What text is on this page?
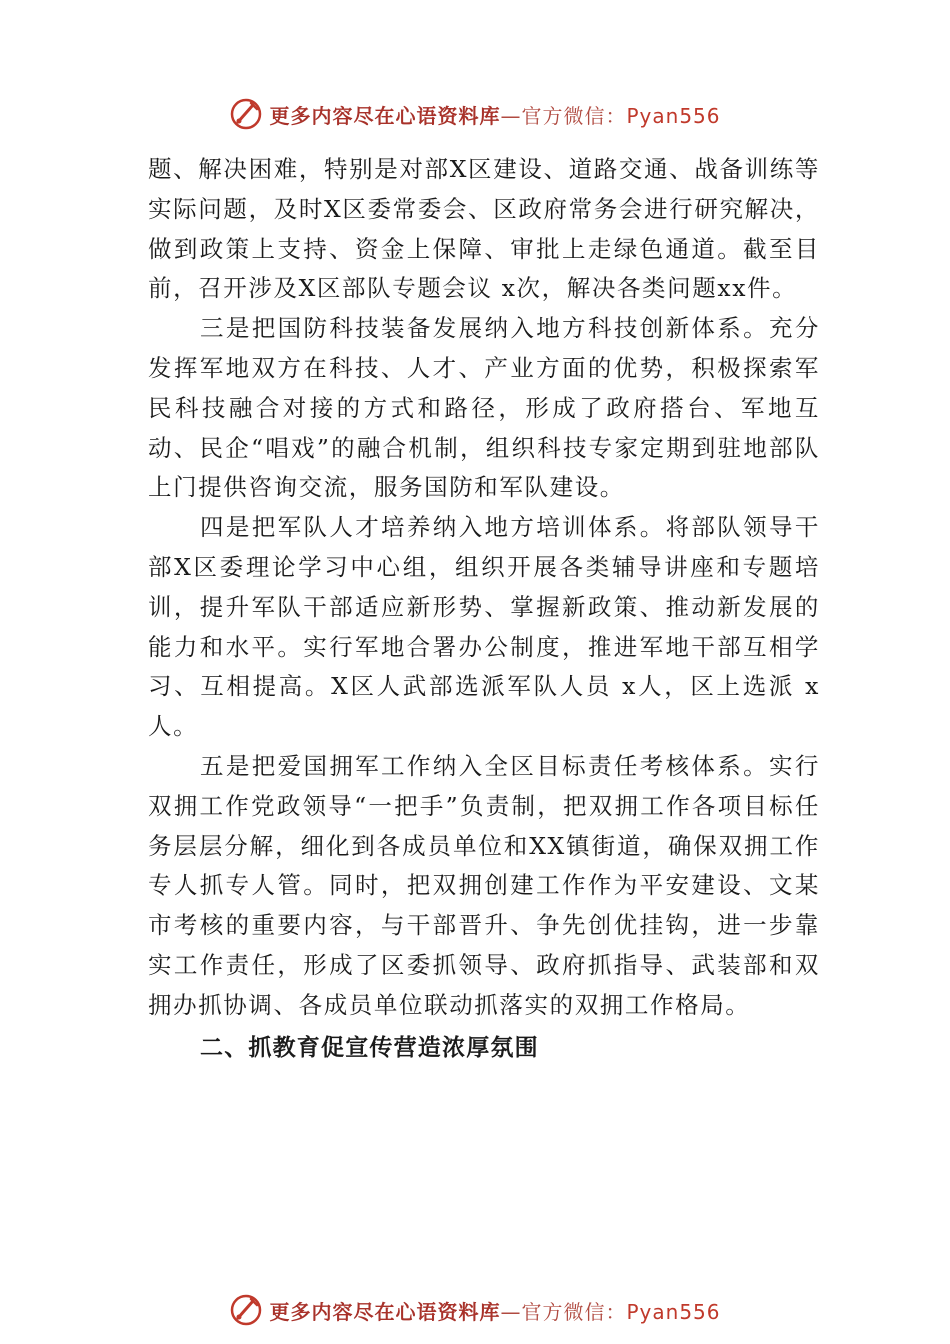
更多内容尽在心语资料库—官方微信：Pyan556

题、解决困难，特别是对部X区建设、道路交通、战备训练等实际问题，及时X区委常委会、区政府常务会进行研究解决，做到政策上支持、资金上保障、审批上走绿色通道。截至目前，召开涉及X区部队专题会议 x次，解决各类问题xx件。

三是把国防科技装备发展纳入地方科技创新体系。充分发挥军地双方在科技、人才、产业方面的优势，积极探索军民科技融合对接的方式和路径，形成了政府搭台、军地互动、民企“唱戏”的融合机制，组织科技专家定期到驻地部队上门提供咨询交流，服务国防和军队建设。

四是把军队人才培养纳入地方培训体系。将部队领导干部X区委理论学习中心组，组织开展各类辅导讲座和专题培训，提升军队干部适应新形势、掌握新政策、推动新发展的能力和水平。实行军地合署办公制度，推进军地干部互相学习、互相提高。X区人武部选派军队人员 x人，区上选派 x人。

五是把爱国拥军工作纳入全区目标责任考核体系。实行双拥工作党政领导“一把手”负责制，把双拥工作各项目标任务层层分解，细化到各成员单位和XX镇街道，确保双拥工作专人抓专人管。同时，把双拥创建工作作为平安建设、文某市考核的重要内容，与干部晋升、争先创优挂钩，进一步靠实工作责任，形成了区委抓领导、政府抓指导、武装部和双拥办抓协调、各成员单位联动抓落实的双拥工作格局。

二、抓教育促宣传营造浓厚氛围
更多内容尽在心语资料库—官方微信：Pyan556
